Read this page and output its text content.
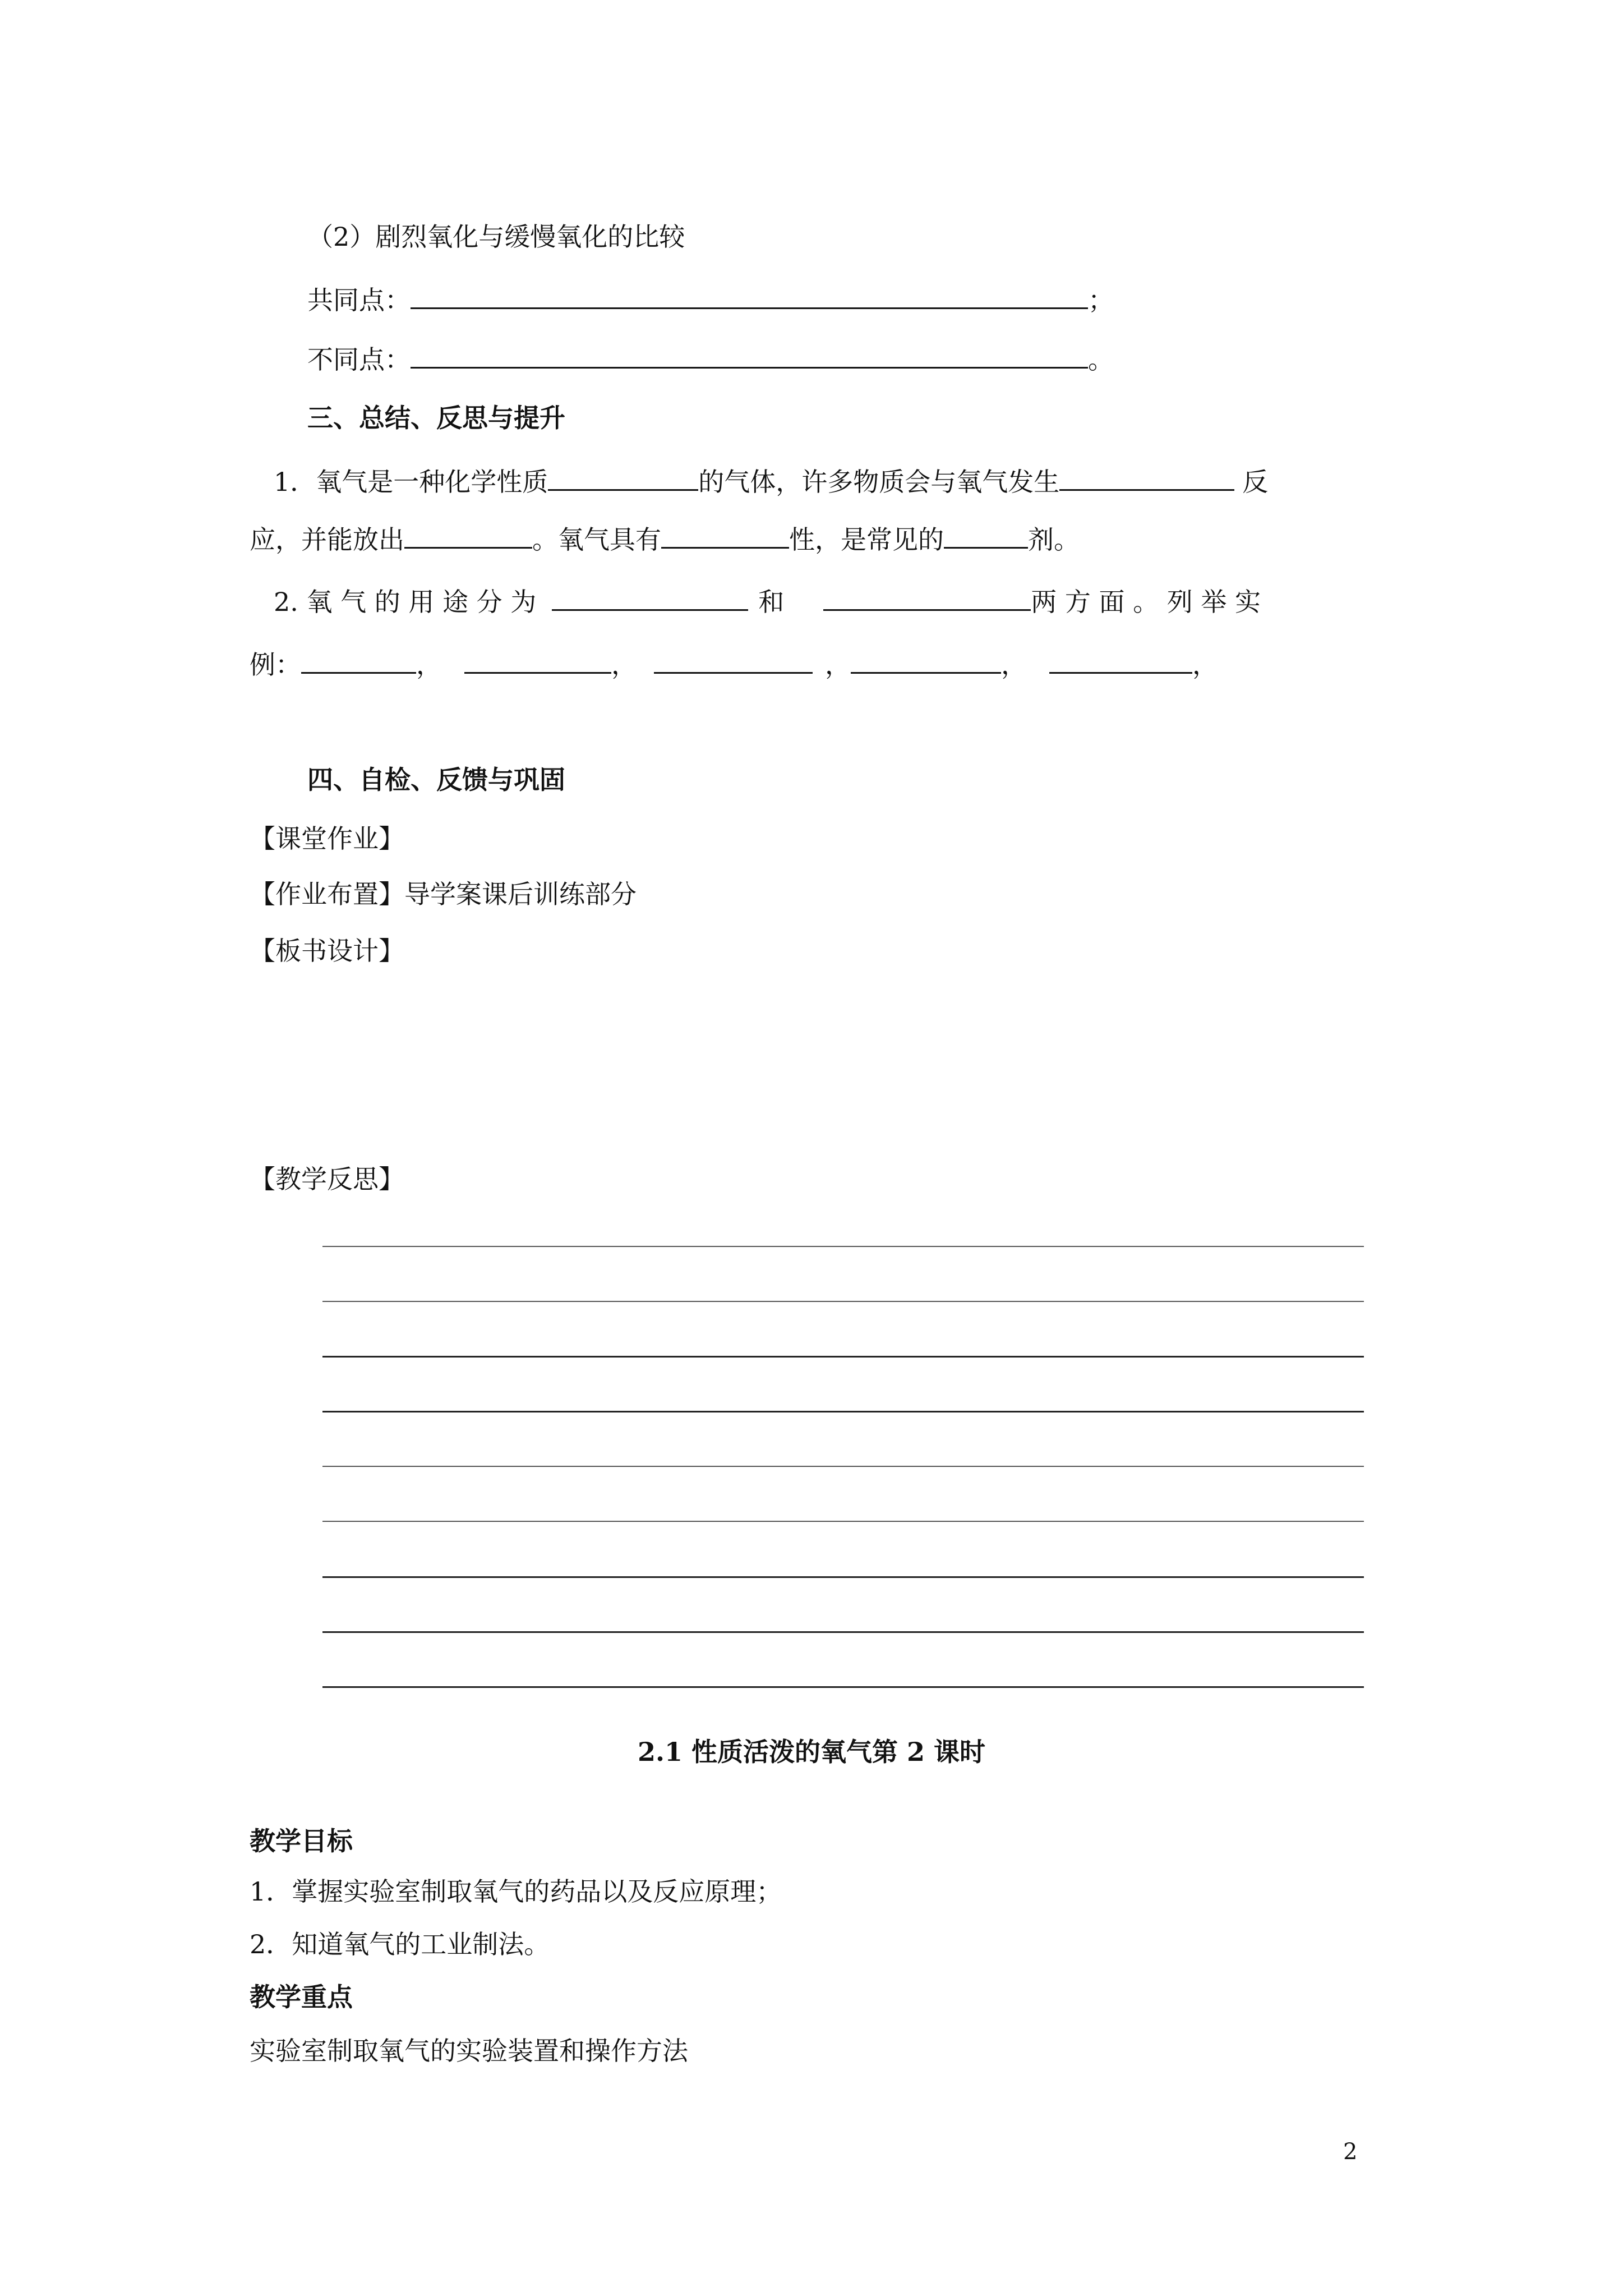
（2）剧烈氧化与缓慢氧化的比较
共同点：	；
不同点：	。
三、总结、反思与提升
1．氧气是一种化学性质	的气体，许多物质会与氧气发生	反
应，并能放出	。氧气具有	性，是常见的	剂。
2. 氧 气 的 用 途 分 为	和	两 方 面 。 列 举 实
例：	，	，	，	，	，
四、自检、反馈与巩固
【课堂作业】
【作业布置】导学案课后训练部分
【板书设计】
【教学反思】
2.1 性质活泼的氧气第 2 课时
教学目标
1．掌握实验室制取氧气的药品以及反应原理；
2．知道氧气的工业制法。
教学重点
实验室制取氧气的实验装置和操作方法
2
